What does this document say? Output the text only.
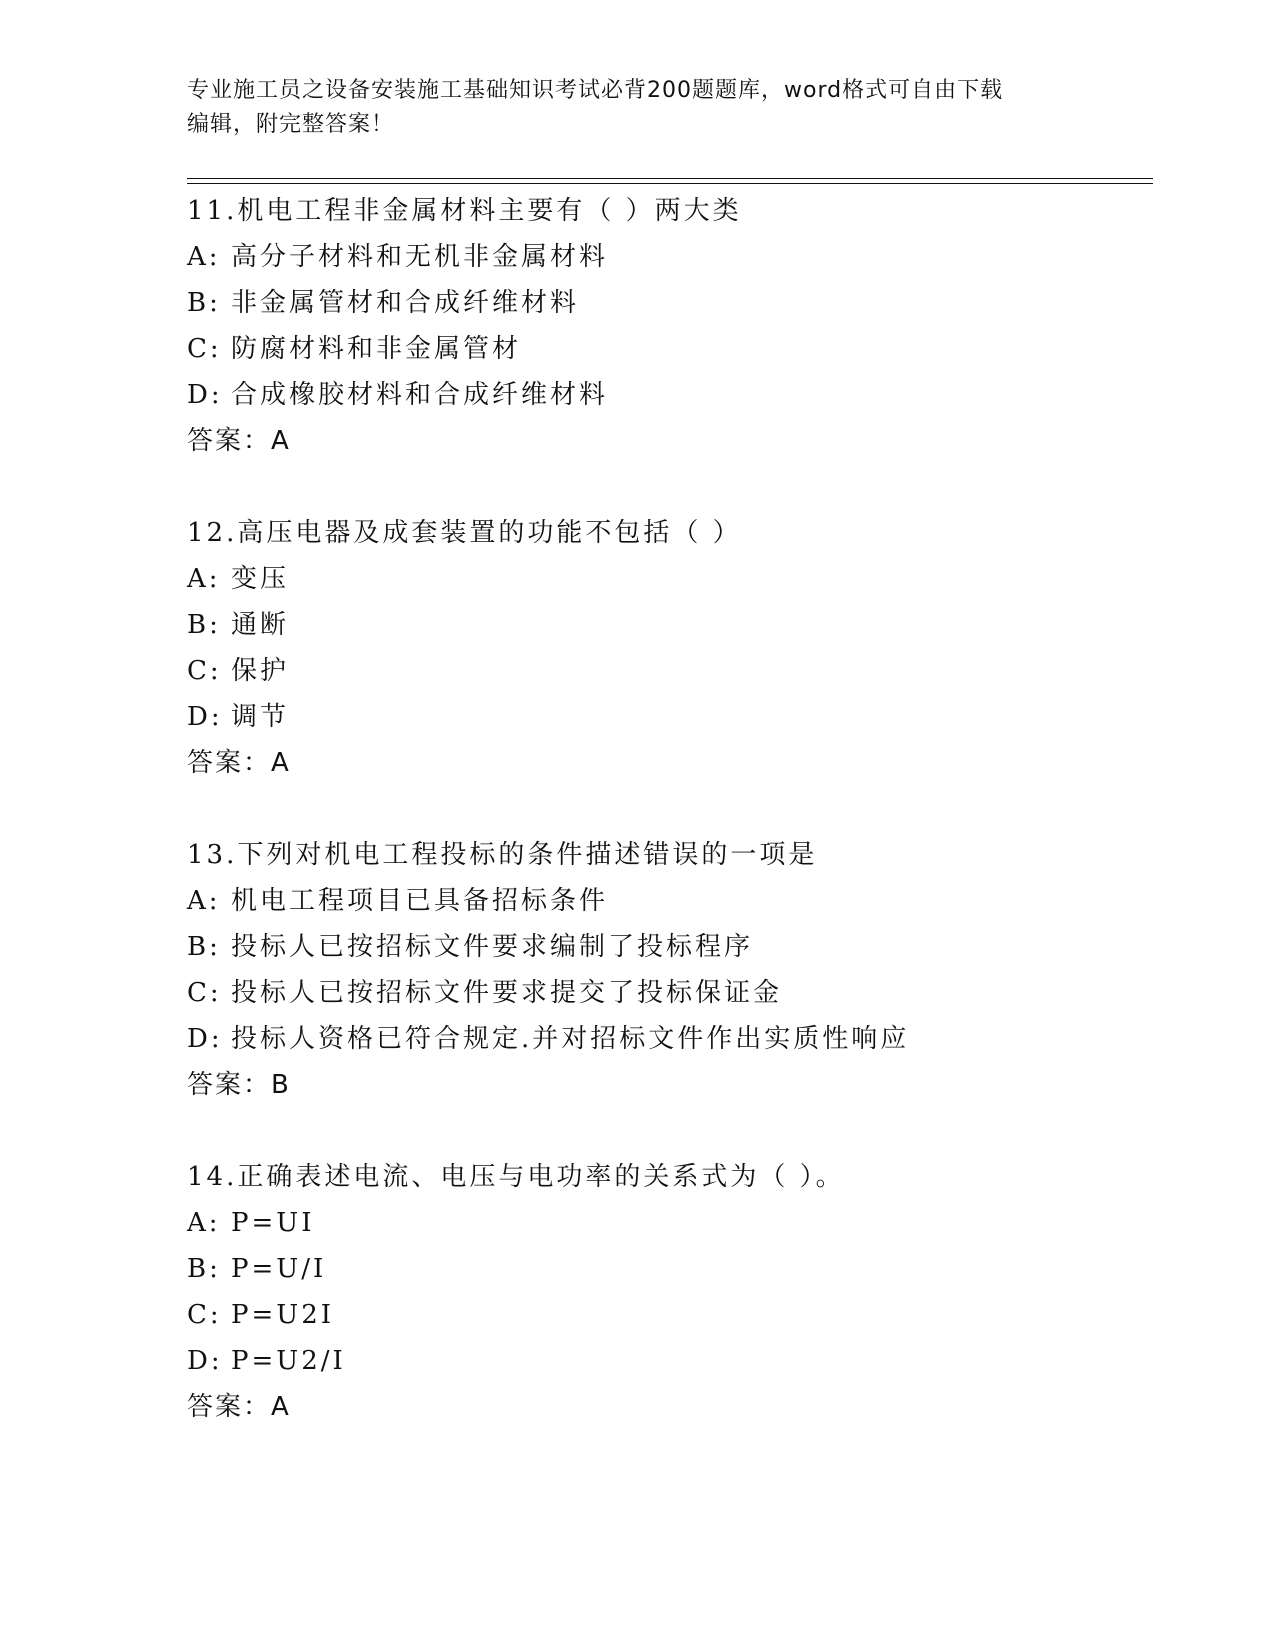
专业施工员之设备安装施工基础知识考试必背200题题库，word格式可自由下载
编辑，附完整答案！
11.机电工程非金属材料主要有（ ）两大类
A: 高分子材料和无机非金属材料
B: 非金属管材和合成纤维材料
C: 防腐材料和非金属管材
D: 合成橡胶材料和合成纤维材料
答案：A
12.高压电器及成套装置的功能不包括（ ）
A: 变压
B: 通断
C: 保护
D: 调节
答案：A
13.下列对机电工程投标的条件描述错误的一项是
A: 机电工程项目已具备招标条件
B: 投标人已按招标文件要求编制了投标程序
C: 投标人已按招标文件要求提交了投标保证金
D: 投标人资格已符合规定.并对招标文件作出实质性响应
答案：B
14.正确表述电流、电压与电功率的关系式为（ ）。
A: P=UI
B: P=U/I
C: P=U2I
D: P=U2/I
答案：A
